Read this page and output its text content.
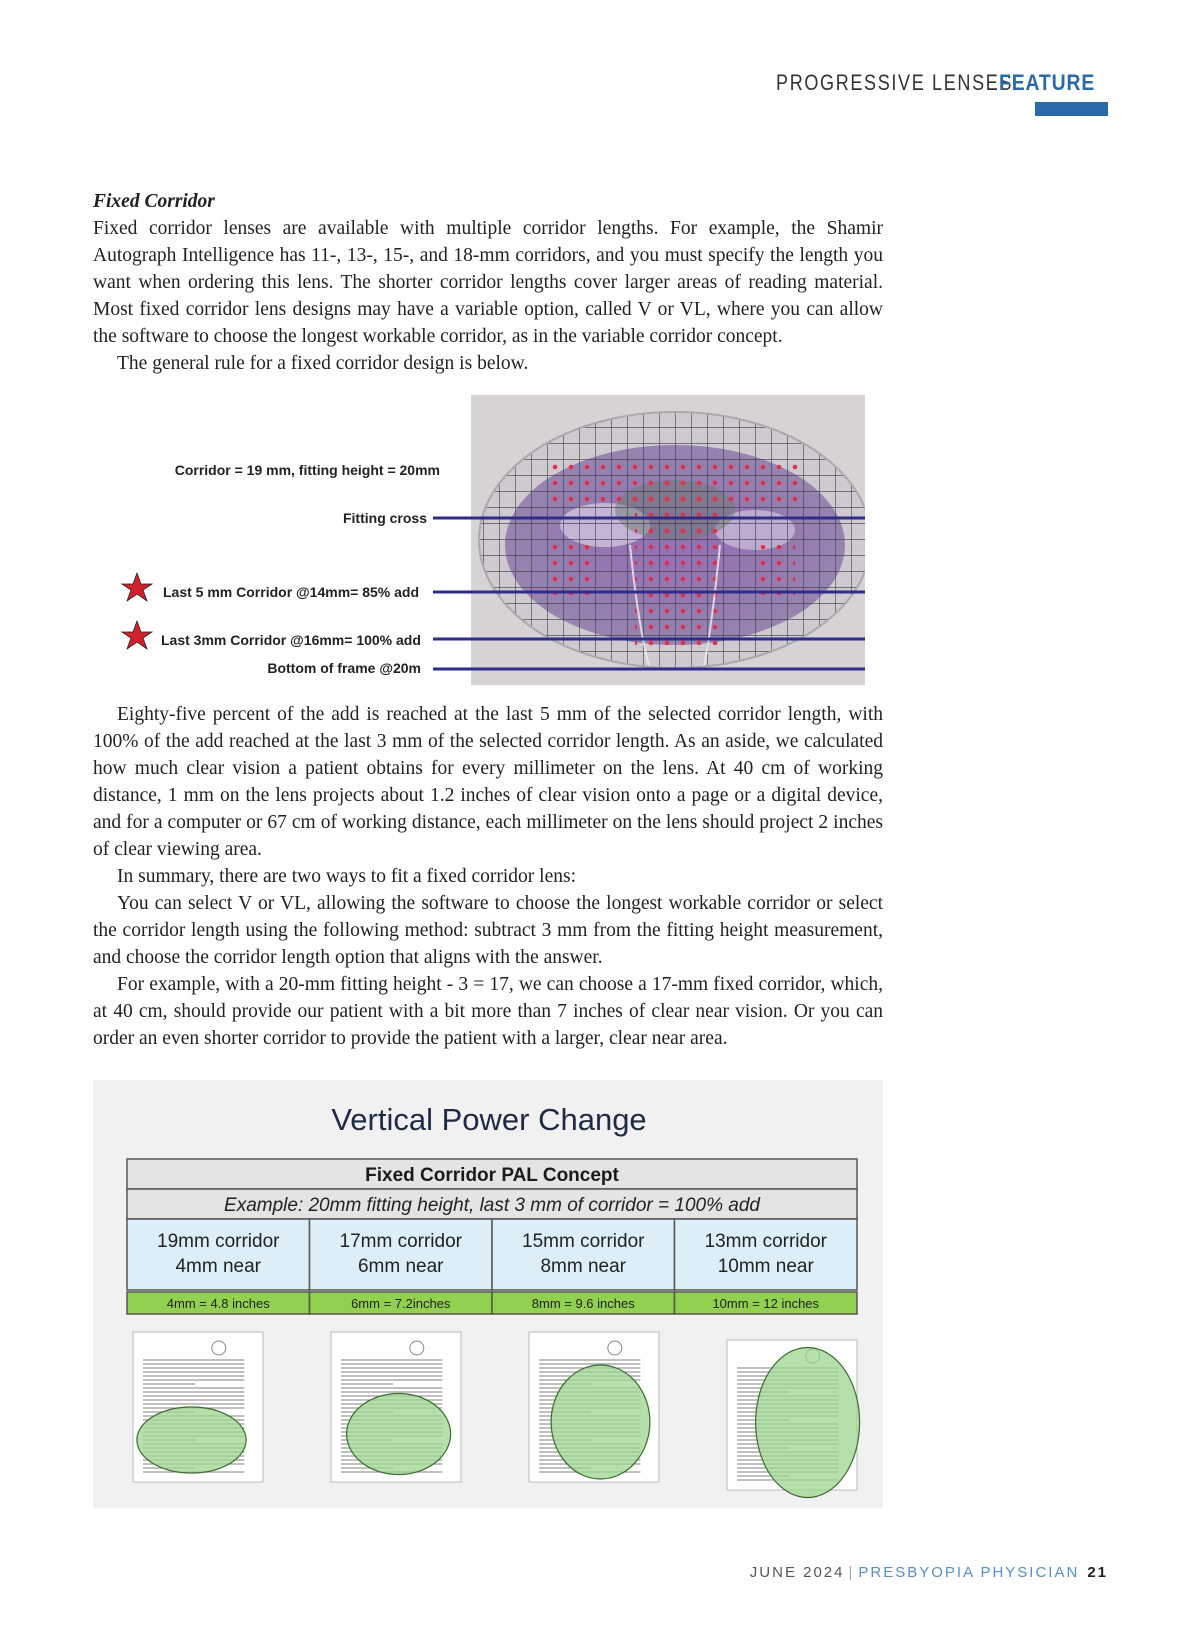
PROGRESSIVE LENSES
FEATURE

Fixed Corridor

Fixed corridor lenses are available with multiple corridor lengths. For example, the Shamir Autograph Intelligence has 11-, 13-, 15-, and 18-mm corridors, and you must specify the length you want when ordering this lens. The shorter corridor lengths cover larger areas of reading material. Most fixed corridor lens designs may have a variable option, called V or VL, where you can allow the software to choose the longest workable corridor, as in the variable corridor concept.

The general rule for a fixed corridor design is below.

Corridor = 19 mm, fitting height = 20mm
Fitting cross
Last 5 mm Corridor @14mm= 85% add
Last 3mm Corridor @16mm= 100% add
Bottom of frame @20m

Eighty-five percent of the add is reached at the last 5 mm of the selected corridor length, with 100% of the add reached at the last 3 mm of the selected corridor length. As an aside, we calculated how much clear vision a patient obtains for every millimeter on the lens. At 40 cm of working distance, 1 mm on the lens projects about 1.2 inches of clear vision onto a page or a digital device, and for a computer or 67 cm of working distance, each millimeter on the lens should project 2 inches of clear viewing area.

In summary, there are two ways to fit a fixed corridor lens:

You can select V or VL, allowing the software to choose the longest workable corridor or select the corridor length using the following method: subtract 3 mm from the fitting height measurement, and choose the corridor length option that aligns with the answer.

For example, with a 20-mm fitting height - 3 = 17, we can choose a 17-mm fixed corridor, which, at 40 cm, should provide our patient with a bit more than 7 inches of clear near vision. Or you can order an even shorter corridor to provide the patient with a larger, clear near area.

Vertical Power Change
Fixed Corridor PAL Concept
Example: 20mm fitting height, last 3 mm of corridor = 100% add
19mm corridor
4mm near
4mm = 4.8 inches
17mm corridor
6mm near
6mm = 7.2inches
15mm corridor
8mm near
8mm = 9.6 inches
13mm corridor
10mm near
10mm = 12 inches
JUNE 2024 | PRESBYOPIA PHYSICIAN 21
